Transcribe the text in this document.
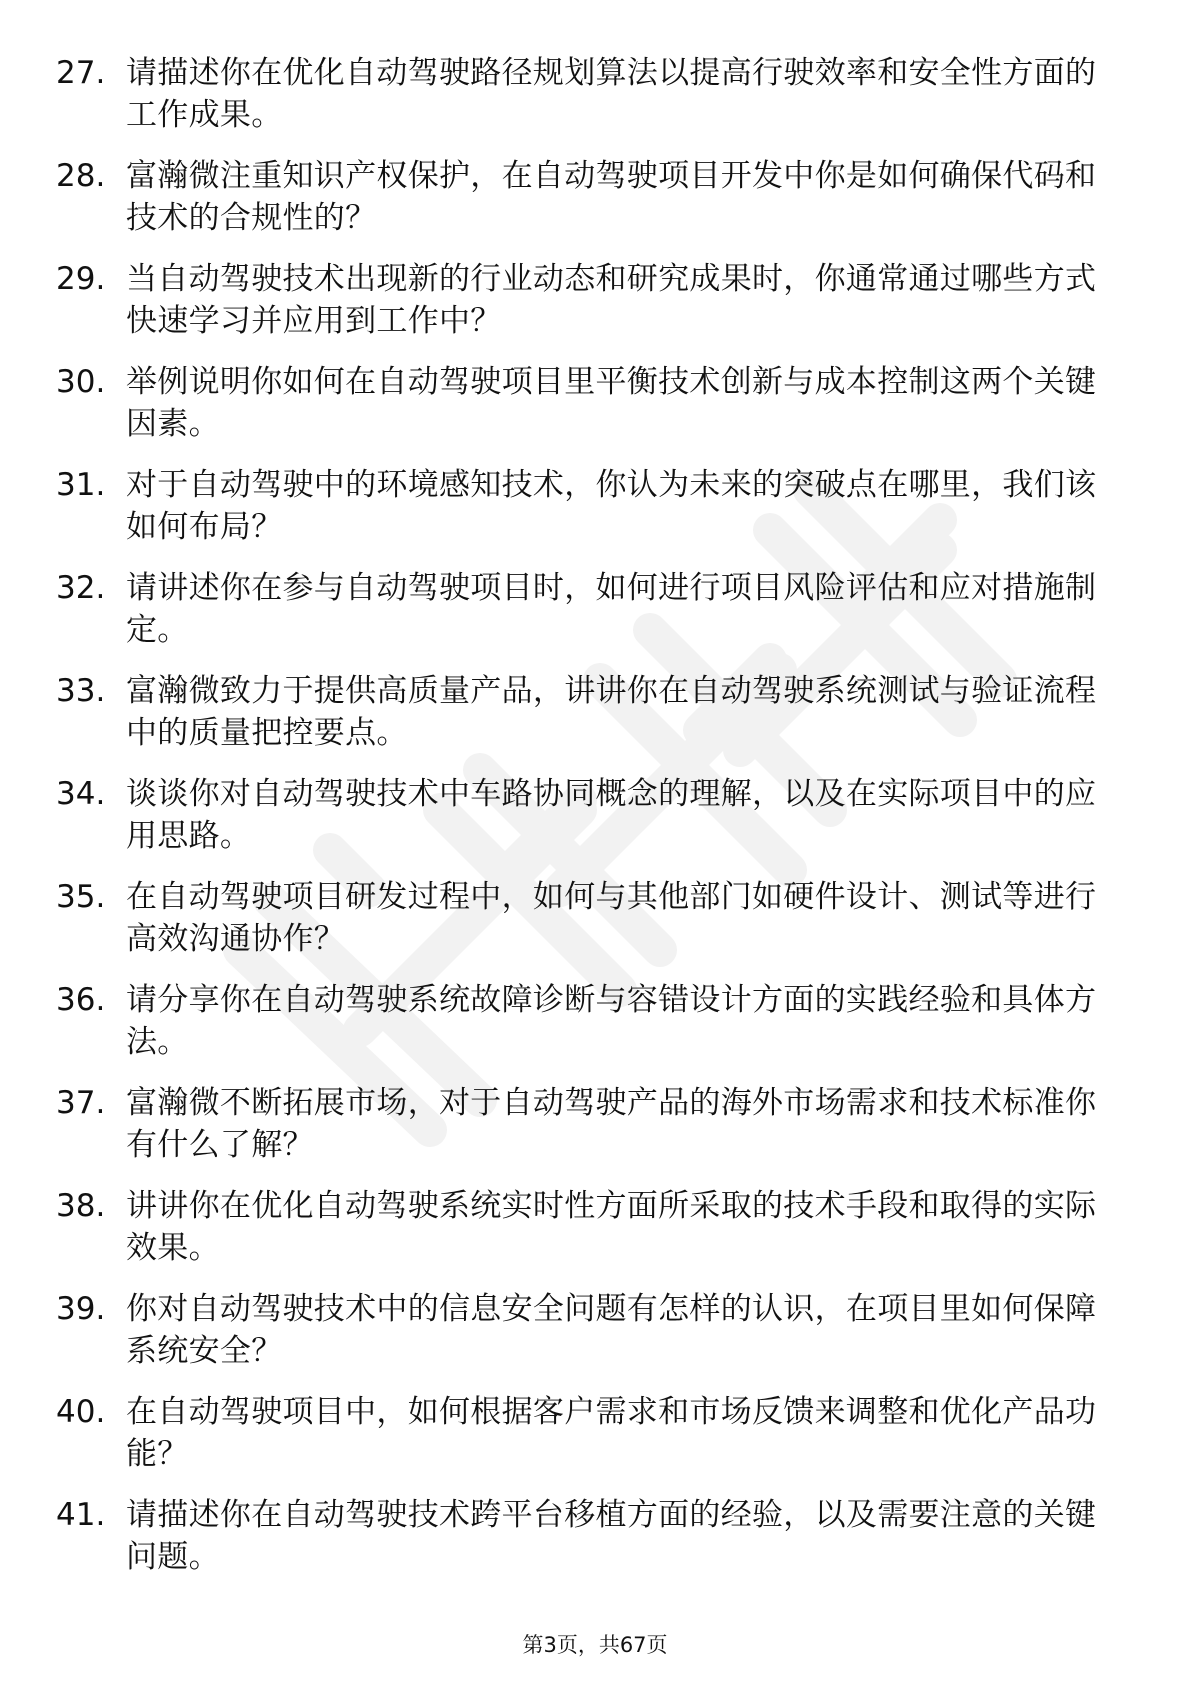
27. 请描述你在优化自动驾驶路径规划算法以提高行驶效率和安全性方面的工作成果。
28. 富瀚微注重知识产权保护，在自动驾驶项目开发中你是如何确保代码和技术的合规性的？
29. 当自动驾驶技术出现新的行业动态和研究成果时，你通常通过哪些方式快速学习并应用到工作中？
30. 举例说明你如何在自动驾驶项目里平衡技术创新与成本控制这两个关键因素。
31. 对于自动驾驶中的环境感知技术，你认为未来的突破点在哪里，我们该如何布局？
32. 请讲述你在参与自动驾驶项目时，如何进行项目风险评估和应对措施制定。
33. 富瀚微致力于提供高质量产品，讲讲你在自动驾驶系统测试与验证流程中的质量把控要点。
34. 谈谈你对自动驾驶技术中车路协同概念的理解，以及在实际项目中的应用思路。
35. 在自动驾驶项目研发过程中，如何与其他部门如硬件设计、测试等进行高效沟通协作？
36. 请分享你在自动驾驶系统故障诊断与容错设计方面的实践经验和具体方法。
37. 富瀚微不断拓展市场，对于自动驾驶产品的海外市场需求和技术标准你有什么了解？
38. 讲讲你在优化自动驾驶系统实时性方面所采取的技术手段和取得的实际效果。
39. 你对自动驾驶技术中的信息安全问题有怎样的认识，在项目里如何保障系统安全？
40. 在自动驾驶项目中，如何根据客户需求和市场反馈来调整和优化产品功能？
41. 请描述你在自动驾驶技术跨平台移植方面的经验，以及需要注意的关键问题。
第3页，共67页
